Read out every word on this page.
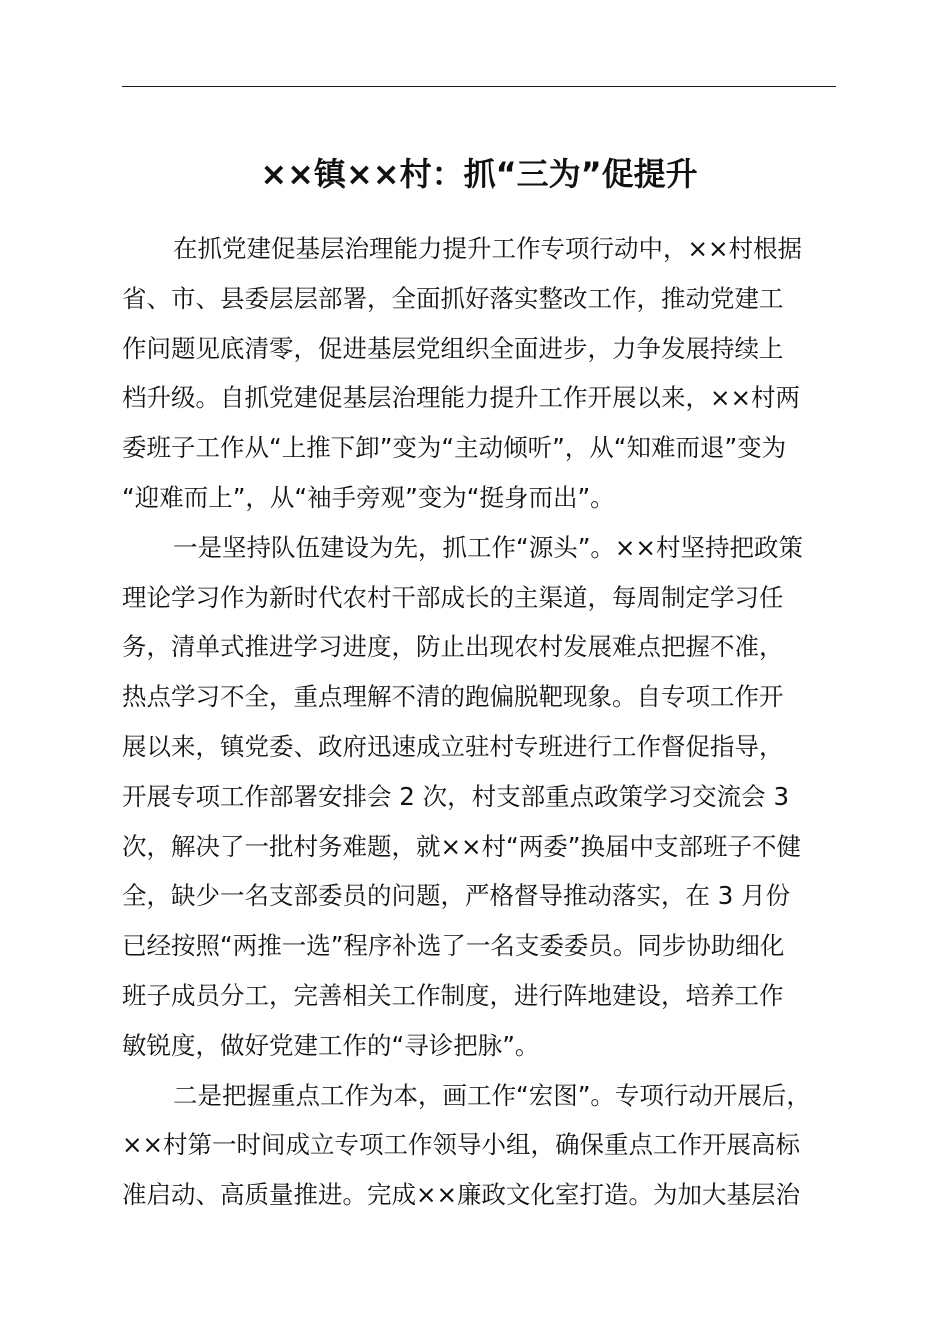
××镇××村：抓“三为”促提升
在抓党建促基层治理能力提升工作专项行动中，××村根据
省、市、县委层层部署，全面抓好落实整改工作，推动党建工
作问题见底清零，促进基层党组织全面进步，力争发展持续上
档升级。自抓党建促基层治理能力提升工作开展以来，××村两
委班子工作从“上推下卸”变为“主动倾听”，从“知难而退”变为
“迎难而上”，从“袖手旁观”变为“挺身而出”。
一是坚持队伍建设为先，抓工作“源头”。××村坚持把政策
理论学习作为新时代农村干部成长的主渠道，每周制定学习任
务，清单式推进学习进度，防止出现农村发展难点把握不准，
热点学习不全，重点理解不清的跑偏脱靶现象。自专项工作开
展以来，镇党委、政府迅速成立驻村专班进行工作督促指导，
开展专项工作部署安排会 2 次，村支部重点政策学习交流会 3
次，解决了一批村务难题，就××村“两委”换届中支部班子不健
全，缺少一名支部委员的问题，严格督导推动落实，在 3 月份
已经按照“两推一选”程序补选了一名支委委员。同步协助细化
班子成员分工，完善相关工作制度，进行阵地建设，培养工作
敏锐度，做好党建工作的“寻诊把脉”。
二是把握重点工作为本，画工作“宏图”。专项行动开展后，
××村第一时间成立专项工作领导小组，确保重点工作开展高标
准启动、高质量推进。完成××廉政文化室打造。为加大基层治
